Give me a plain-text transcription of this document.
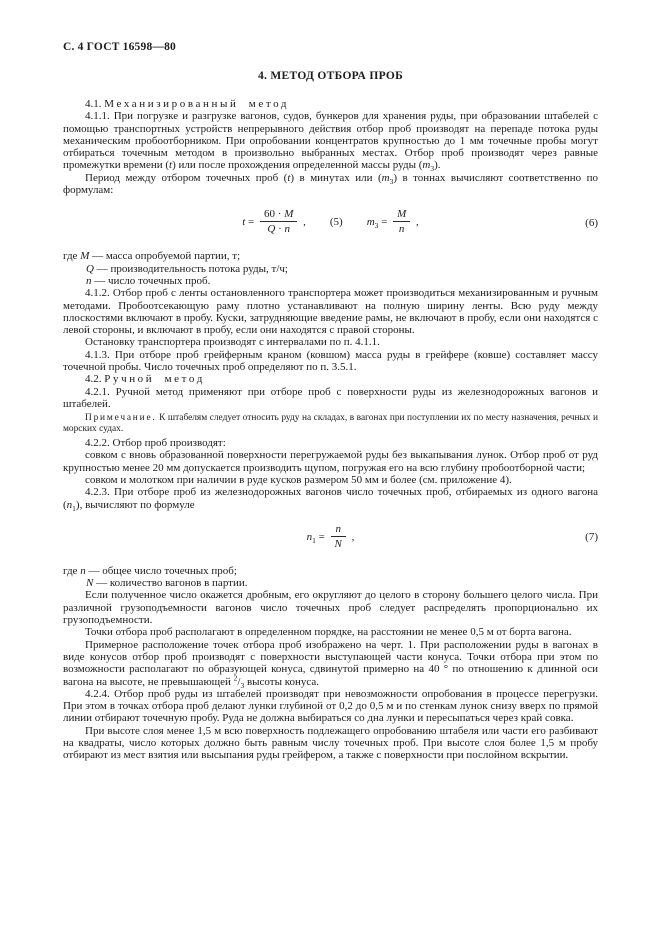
С. 4 ГОСТ 16598—80
4. МЕТОД ОТБОРА ПРОБ
4.1. Механизированный метод

4.1.1. При погрузке и разгрузке вагонов, судов, бункеров для хранения руды, при образовании штабелей с помощью транспортных устройств непрерывного действия отбор проб производят на перепаде потока руды механическим пробоотборником. При опробовании концентратов крупностью до 1 мм точечные пробы могут отбираться точечным методом в произвольно выбранных местах. Отбор проб производят через равные промежутки времени (t) или после прохождения определенной массы руды $(m_3)$.

Период между отбором точечных проб (t) в минутах или $(m_3)$ в тоннах вычисляют соответственно по формулам:

$t = \frac{60 \cdot M}{Q \cdot n}$ , (5) $m_3 = \frac{M}{n}$ ,	(6)
где M — масса опробуемой партии, т;
Q — производительность потока руды, т/ч;
n — число точечных проб.

4.1.2. Отбор проб с ленты остановленного транспортера может производиться механизированным и ручным методами. Пробоотсекающую раму плотно устанавливают на полную ширину ленты. Всю руду между плоскостями включают в пробу. Куски, затрудняющие введение рамы, не включают в пробу, если они находятся с левой стороны, и включают в пробу, если они находятся с правой стороны.

Остановку транспортера производят с интервалами по п. 4.1.1.

4.1.3. При отборе проб грейферным краном (ковшом) масса руды в грейфере (ковше) составляет массу точечной пробы. Число точечных проб определяют по п. 3.5.1.

4.2. Ручной метод

4.2.1. Ручной метод применяют при отборе проб с поверхности руды из железнодорожных вагонов и штабелей.

Примечание. К штабелям следует относить руду на складах, в вагонах при поступлении их по месту назначения, речных и морских судах.

4.2.2. Отбор проб производят:

совком с вновь образованной поверхности перегружаемой руды без выкапывания лунок. Отбор проб от руд крупностью менее 20 мм допускается производить щупом, погружая его на всю глубину пробоотборной части;

совком и молотком при наличии в руде кусков размером 50 мм и более (см. приложение 4).

4.2.3. При отборе проб из железнодорожных вагонов число точечных проб, отбираемых из одного вагона $(n_1)$, вычисляют по формуле

$n_1 = \frac{n}{N}$ ,	(7)
где n — общее число точечных проб;
N — количество вагонов в партии.

Если полученное число окажется дробным, его округляют до целого в сторону большего целого числа. При различной грузоподъемности вагонов число точечных проб следует распределять пропорционально их грузоподъемности.

Точки отбора проб располагают в определенном порядке, на расстоянии не менее 0,5 м от борта вагона.

Примерное расположение точек отбора проб изображено на черт. 1. При расположении руды в вагонах в виде конусов отбор проб производят с поверхности выступающей части конуса. Точки отбора при этом по возможности располагают по образующей конуса, сдвинутой примерно на 40 ° по отношению к длинной оси вагона на высоте, не превышающей $^2/_3$ высоты конуса.

4.2.4. Отбор проб руды из штабелей производят при невозможности опробования в процессе перегрузки. При этом в точках отбора проб делают лунки глубиной от 0,2 до 0,5 м и по стенкам лунок снизу вверх по прямой линии отбирают точечную пробу. Руда не должна выбираться со дна лунки и пересыпаться через край совка.

При высоте слоя менее 1,5 м всю поверхность подлежащего опробованию штабеля или части его разбивают на квадраты, число которых должно быть равным числу точечных проб. При высоте слоя более 1,5 м пробу отбирают из мест взятия или высыпания руды грейфером, а также с поверхности при послойном вскрытии.
